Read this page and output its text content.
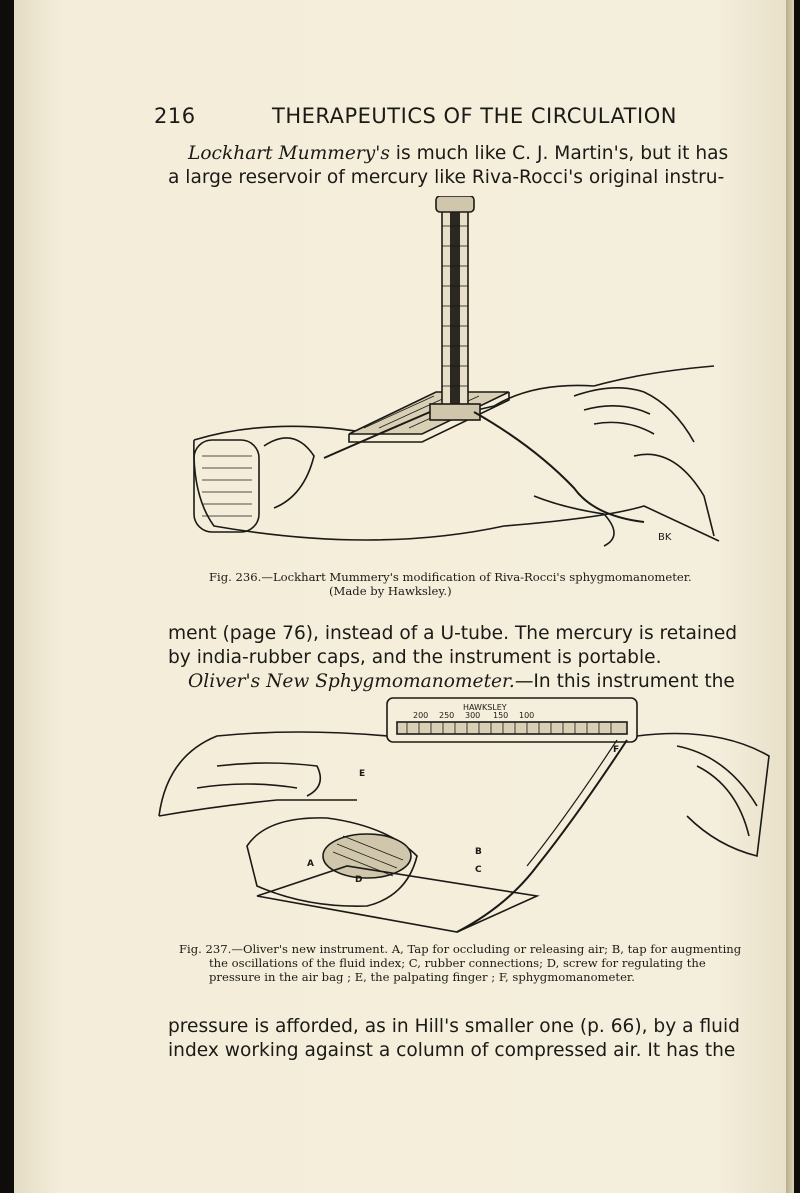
216	THERAPEUTICS OF THE CIRCULATION
Lockhart Mummery's is much like C. J. Martin's, but it has
a large reservoir of mercury like Riva-Rocci's original instru-
BK
Fig. 236.—Lockhart Mummery's modification of Riva-Rocci's sphygmomanometer.
(Made by Hawksley.)
ment (page 76), instead of a U-tube. The mercury is retained
by india-rubber caps, and the instrument is portable.
Oliver's New Sphygmomanometer.—In this instrument the
HAWKSLEY
200 250 300 150 100
E
F
A
B
C
D
Fig. 237.—Oliver's new instrument. A, Tap for occluding or releasing air; B, tap for augmenting
the oscillations of the fluid index; C, rubber connections; D, screw for regulating the
pressure in the air bag ; E, the palpating finger ; F, sphygmomanometer.
pressure is afforded, as in Hill's smaller one (p. 66), by a fluid
index working against a column of compressed air. It has the
